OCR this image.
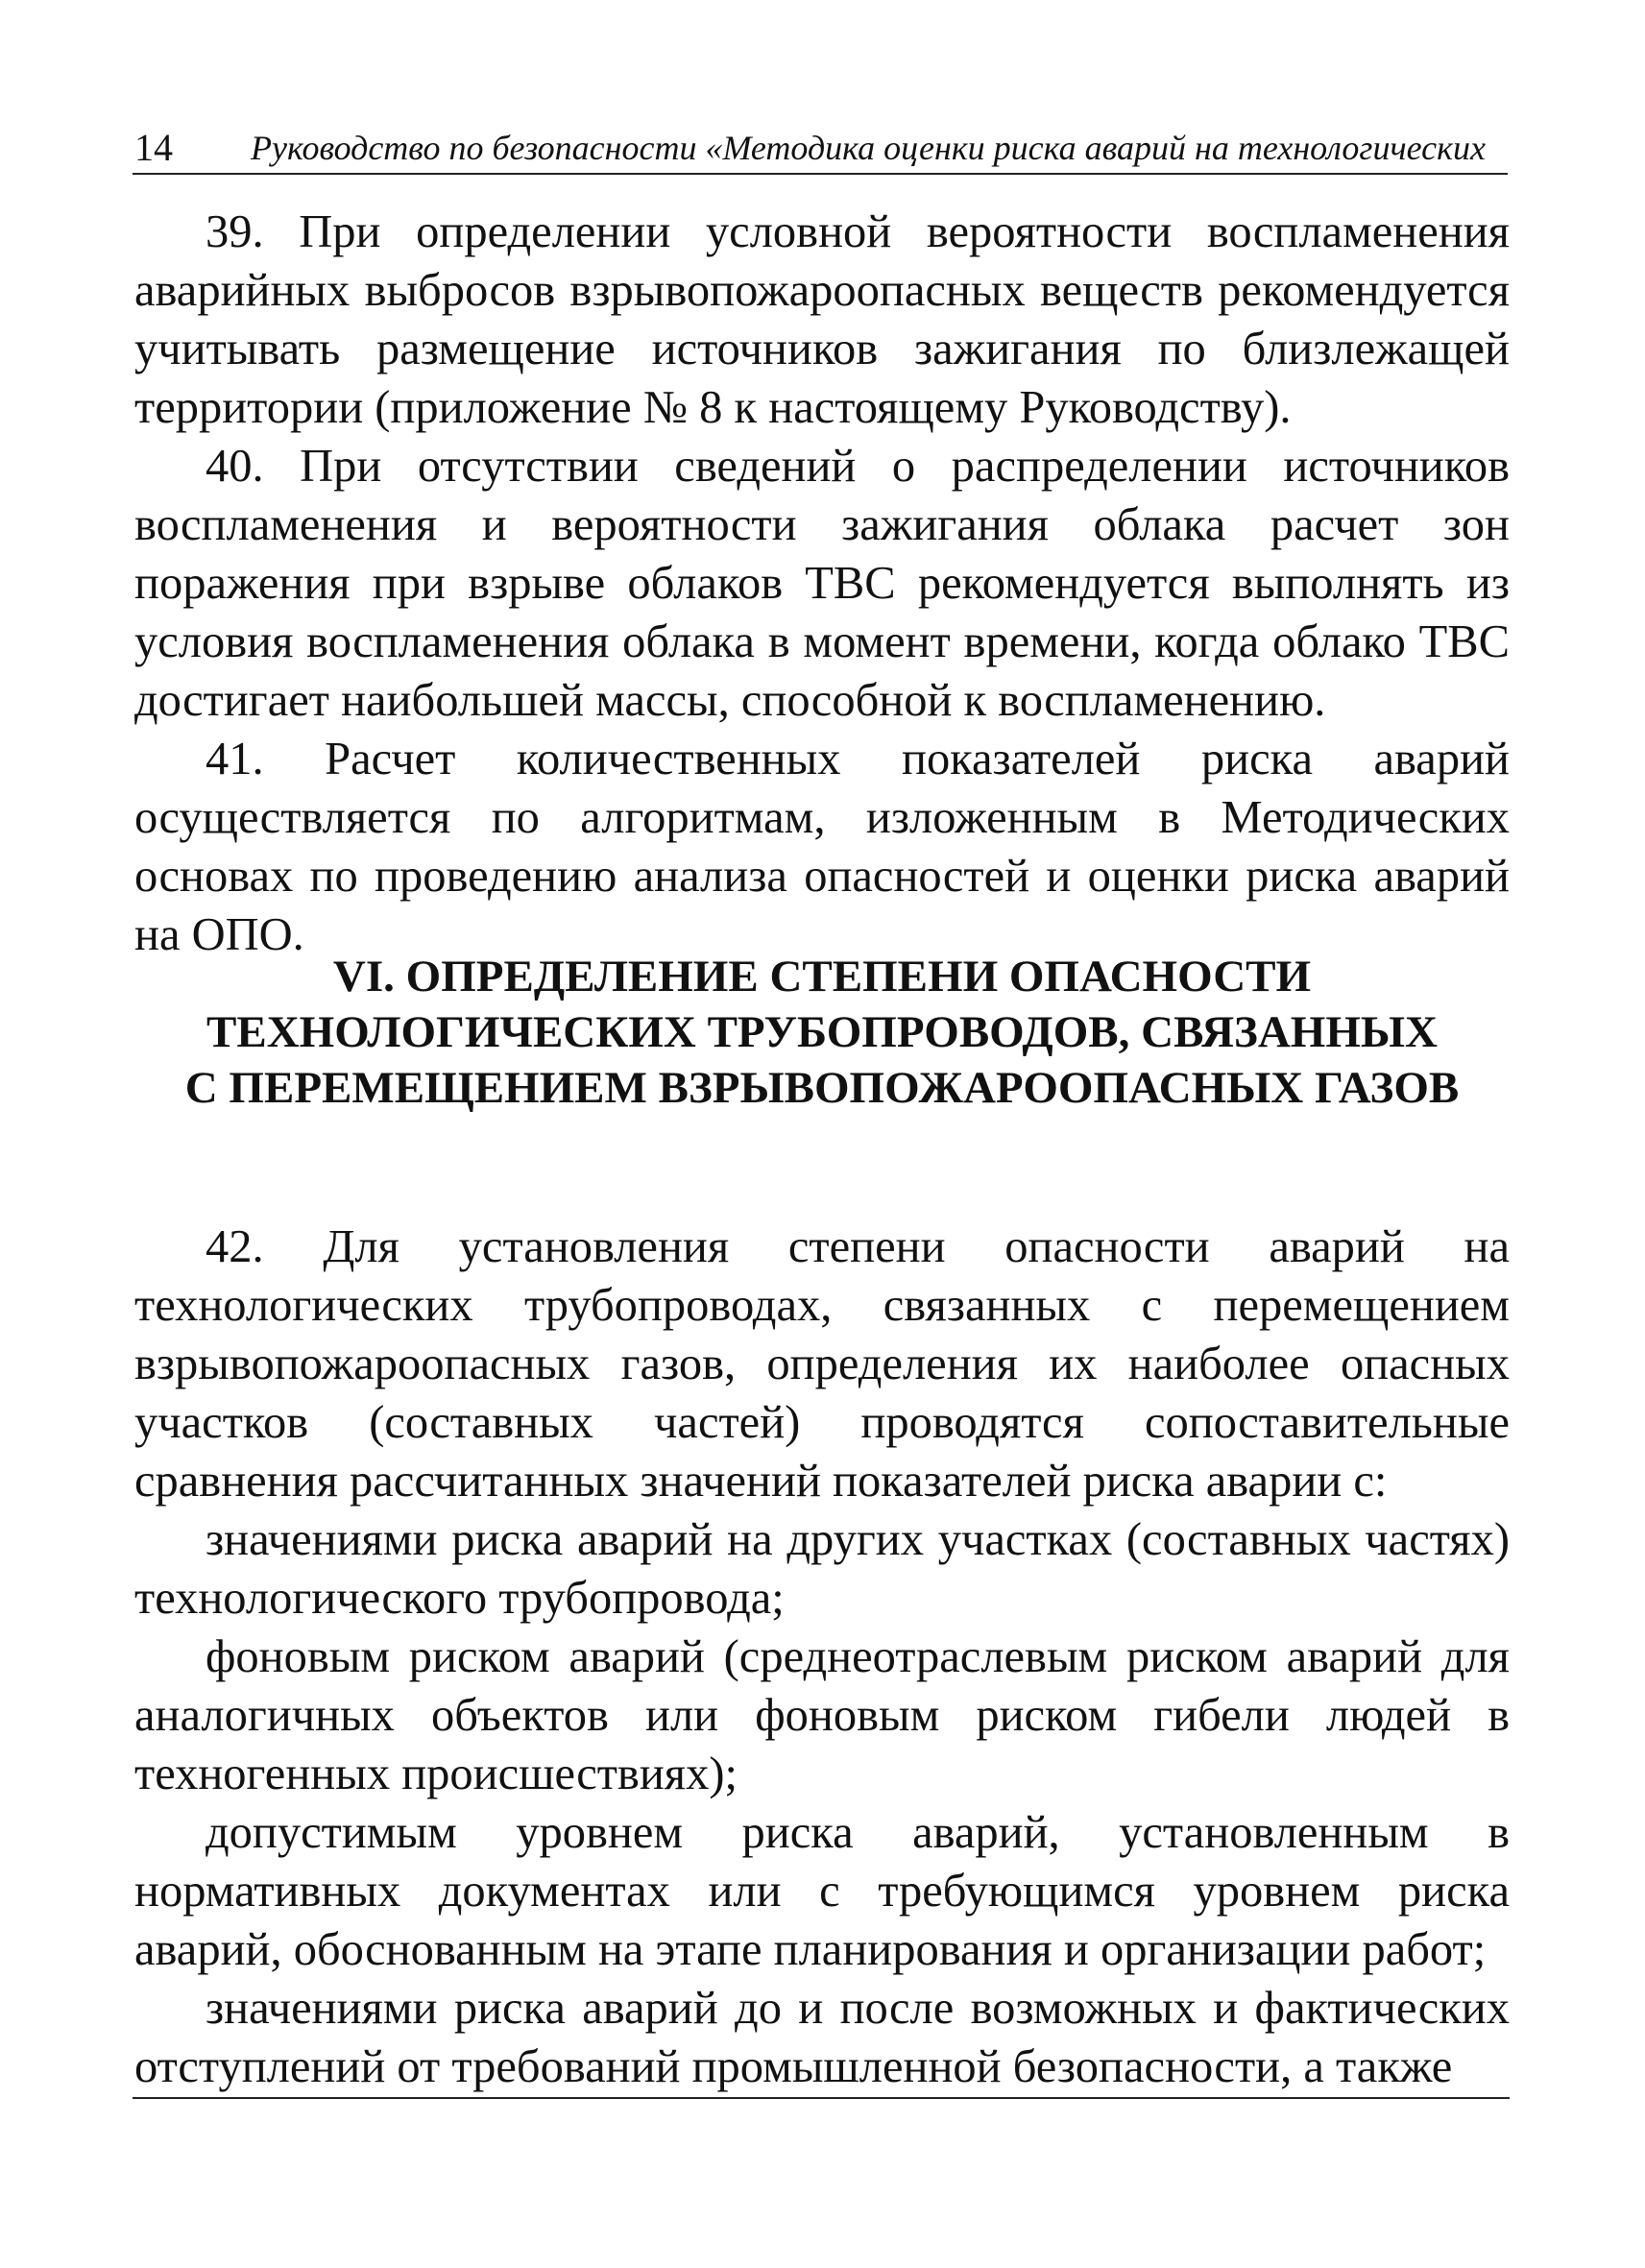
14 Руководство по безопасности «Методика оценки риска аварий на технологических

39. При определении условной вероятности воспламенения аварийных выбросов взрывопожароопасных веществ рекомендуется учитывать размещение источников зажигания по близлежащей территории (приложение № 8 к настоящему Руководству).

40. При отсутствии сведений о распределении источников воспламенения и вероятности зажигания облака расчет зон поражения при взрыве облаков ТВС рекомендуется выполнять из условия воспламенения облака в момент времени, когда облако ТВС достигает наибольшей массы, способной к воспламенению.

41. Расчет количественных показателей риска аварий осуществляется по алгоритмам, изложенным в Методических основах по проведению анализа опасностей и оценки риска аварий на ОПО.

VI. ОПРЕДЕЛЕНИЕ СТЕПЕНИ ОПАСНОСТИ
ТЕХНОЛОГИЧЕСКИХ ТРУБОПРОВОДОВ, СВЯЗАННЫХ
С ПЕРЕМЕЩЕНИЕМ ВЗРЫВОПОЖАРООПАСНЫХ ГАЗОВ

42. Для установления степени опасности аварий на технологических трубопроводах, связанных с перемещением взрывопожароопасных газов, определения их наиболее опасных участков (составных частей) проводятся сопоставительные сравнения рассчитанных значений показателей риска аварии с:

значениями риска аварий на других участках (составных частях) технологического трубопровода;

фоновым риском аварий (среднеотраслевым риском аварий для аналогичных объектов или фоновым риском гибели людей в техногенных происшествиях);

допустимым уровнем риска аварий, установленным в нормативных документах или с требующимся уровнем риска аварий, обоснованным на этапе планирования и организации работ;

значениями риска аварий до и после возможных и фактических отступлений от требований промышленной безопасности, а также
